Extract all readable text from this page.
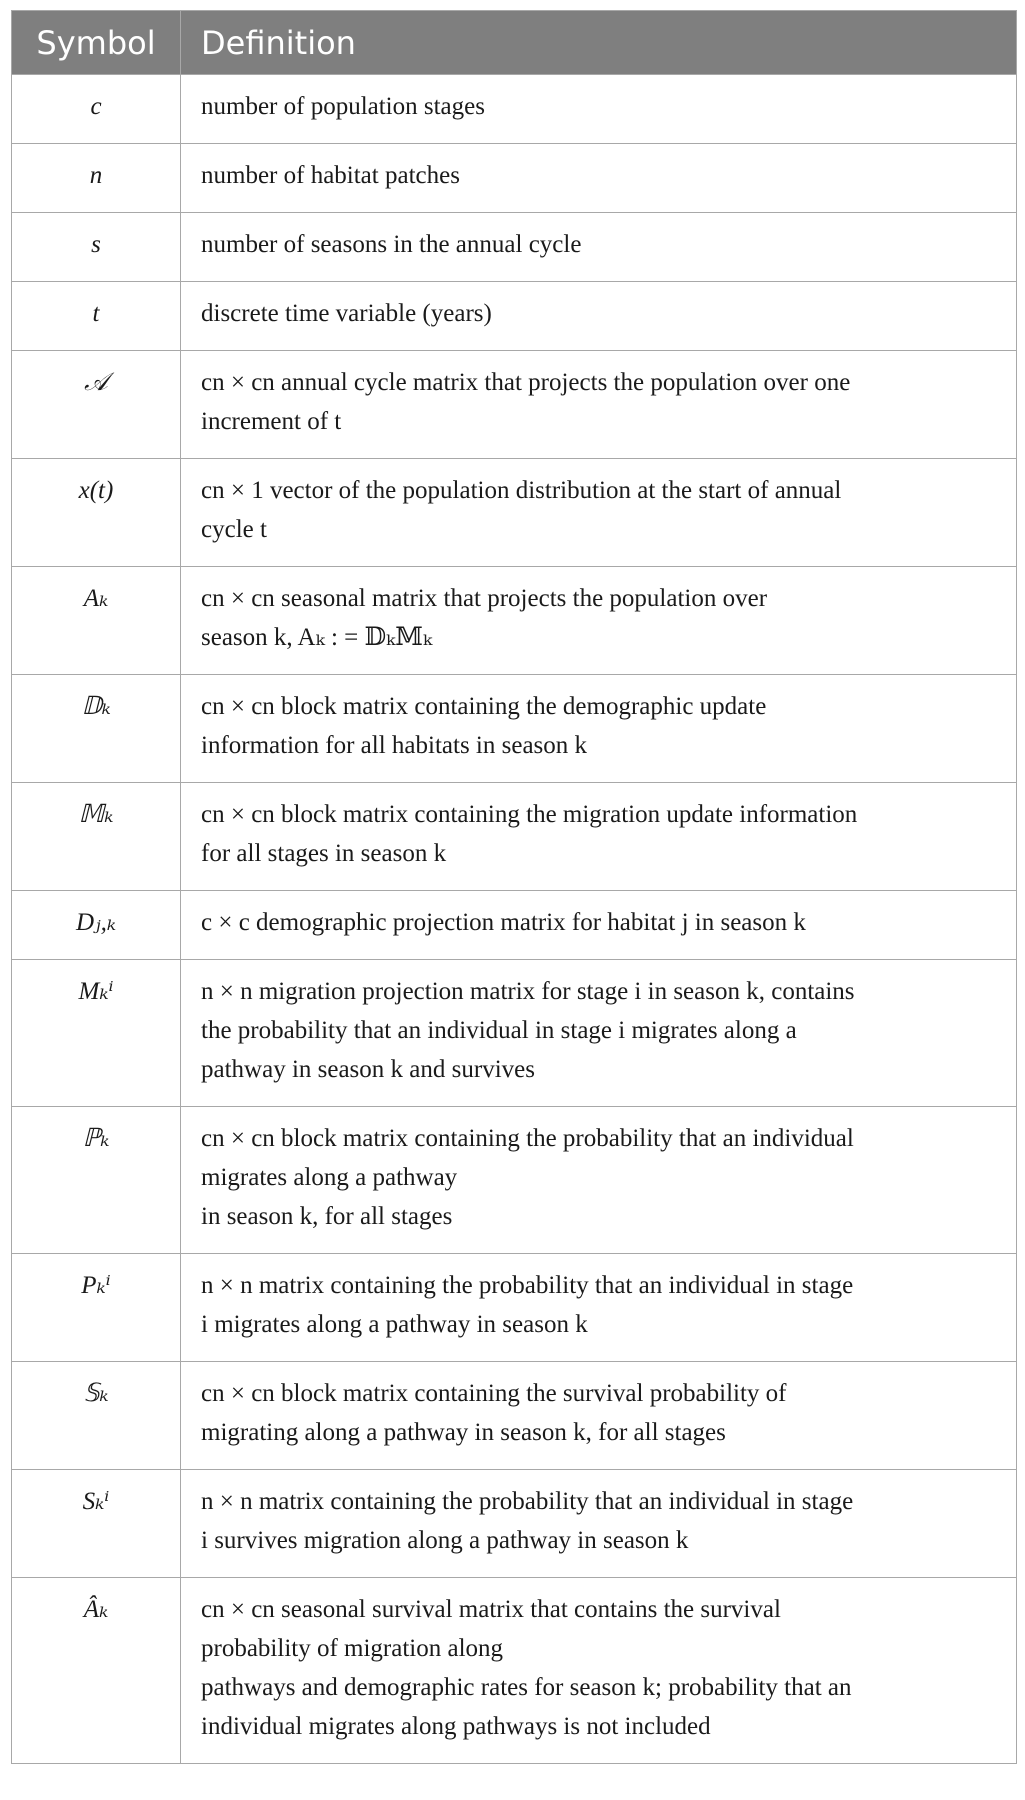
Symbol	Definition
c	number of population stages
n	number of habitat patches
s	number of seasons in the annual cycle
t	discrete time variable (years)
𝒜	cn × cn annual cycle matrix that projects the population over one
increment of t
x(t)	cn × 1 vector of the population distribution at the start of annual
cycle t
Aₖ	cn × cn seasonal matrix that projects the population over
season k, Aₖ : = 𝔻ₖ𝕄ₖ
𝔻ₖ	cn × cn block matrix containing the demographic update
information for all habitats in season k
𝕄ₖ	cn × cn block matrix containing the migration update information
for all stages in season k
Dⱼ,ₖ	c × c demographic projection matrix for habitat j in season k
Mₖⁱ	n × n migration projection matrix for stage i in season k, contains
the probability that an individual in stage i migrates along a
pathway in season k and survives
ℙₖ	cn × cn block matrix containing the probability that an individual
migrates along a pathway
in season k, for all stages
Pₖⁱ	n × n matrix containing the probability that an individual in stage
i migrates along a pathway in season k
𝕊ₖ	cn × cn block matrix containing the survival probability of
migrating along a pathway in season k, for all stages
Sₖⁱ	n × n matrix containing the probability that an individual in stage
i survives migration along a pathway in season k
Âₖ	cn × cn seasonal survival matrix that contains the survival
probability of migration along
pathways and demographic rates for season k; probability that an
individual migrates along pathways is not included
